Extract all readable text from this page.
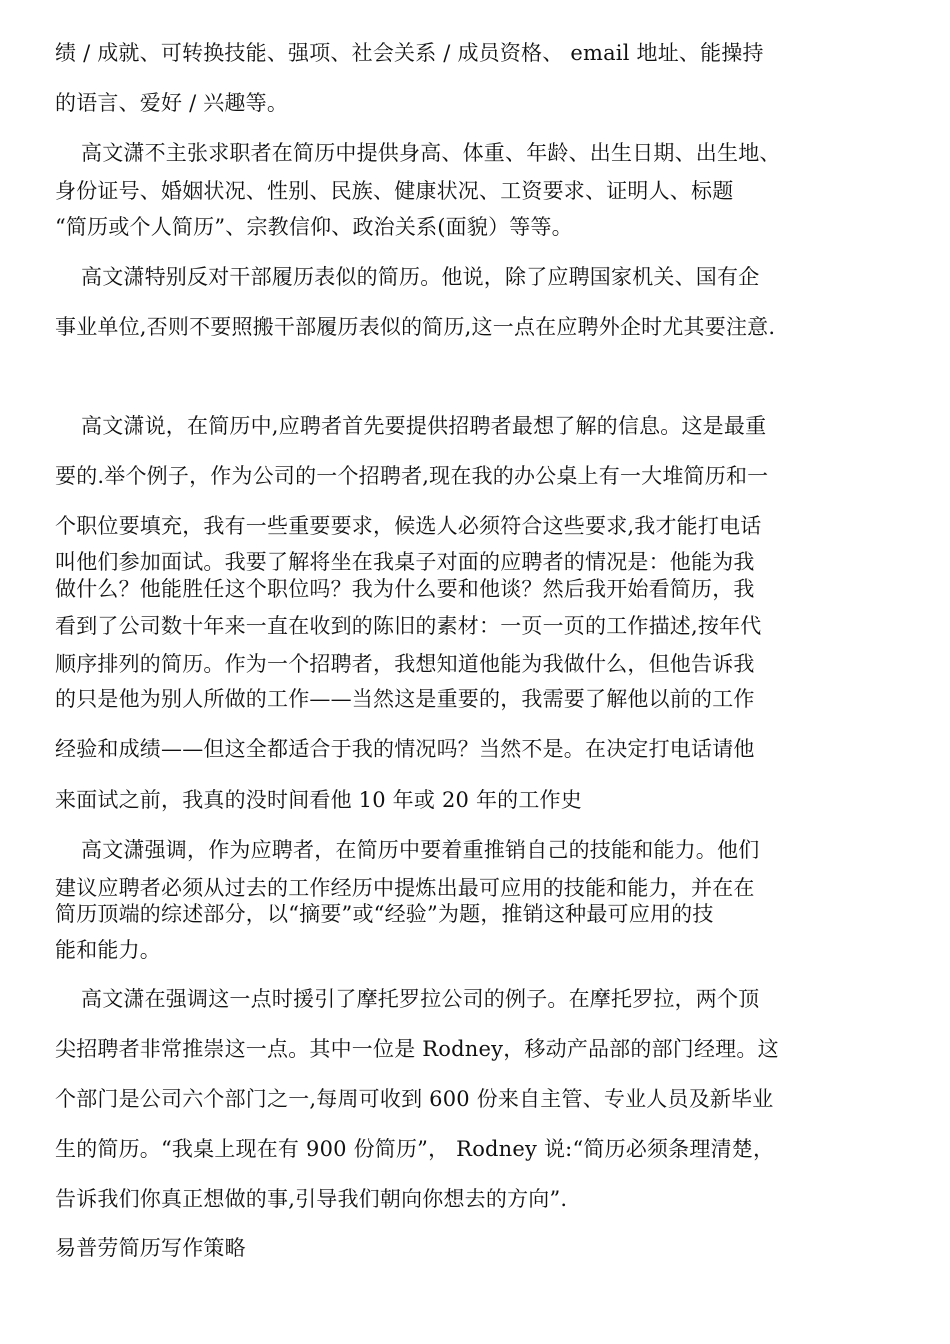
绩 / 成就、可转换技能、强项、社会关系 / 成员资格、 email 地址、能操持
的语言、爱好 / 兴趣等。
高文潇不主张求职者在简历中提供身高、体重、年龄、出生日期、出生地、
身份证号、婚姻状况、性别、民族、健康状况、工资要求、证明人、标题
“简历或个人简历”、宗教信仰、政治关系(面貌）等等。
高文潇特别反对干部履历表似的简历。他说，除了应聘国家机关、国有企
事业单位,否则不要照搬干部履历表似的简历,这一点在应聘外企时尤其要注意.
高文潇说，在简历中,应聘者首先要提供招聘者最想了解的信息。这是最重
要的.举个例子，作为公司的一个招聘者,现在我的办公桌上有一大堆简历和一
个职位要填充，我有一些重要要求，候选人必须符合这些要求,我才能打电话
叫他们参加面试。我要了解将坐在我桌子对面的应聘者的情况是：他能为我
做什么？他能胜任这个职位吗？我为什么要和他谈？然后我开始看简历，我
看到了公司数十年来一直在收到的陈旧的素材：一页一页的工作描述,按年代
顺序排列的简历。作为一个招聘者，我想知道他能为我做什么，但他告诉我
的只是他为别人所做的工作——当然这是重要的，我需要了解他以前的工作
经验和成绩——但这全都适合于我的情况吗？当然不是。在决定打电话请他
来面试之前，我真的没时间看他 10 年或 20 年的工作史
高文潇强调，作为应聘者，在简历中要着重推销自己的技能和能力。他们
建议应聘者必须从过去的工作经历中提炼出最可应用的技能和能力，并在在
简历顶端的综述部分，以“摘要”或“经验”为题，推销这种最可应用的技
能和能力。
高文潇在强调这一点时援引了摩托罗拉公司的例子。在摩托罗拉，两个顶
尖招聘者非常推崇这一点。其中一位是 Rodney，移动产品部的部门经理。这
个部门是公司六个部门之一,每周可收到 600 份来自主管、专业人员及新毕业
生的简历。“我桌上现在有 900 份简历”， Rodney 说:“简历必须条理清楚，
告诉我们你真正想做的事,引导我们朝向你想去的方向”.
易普劳简历写作策略
